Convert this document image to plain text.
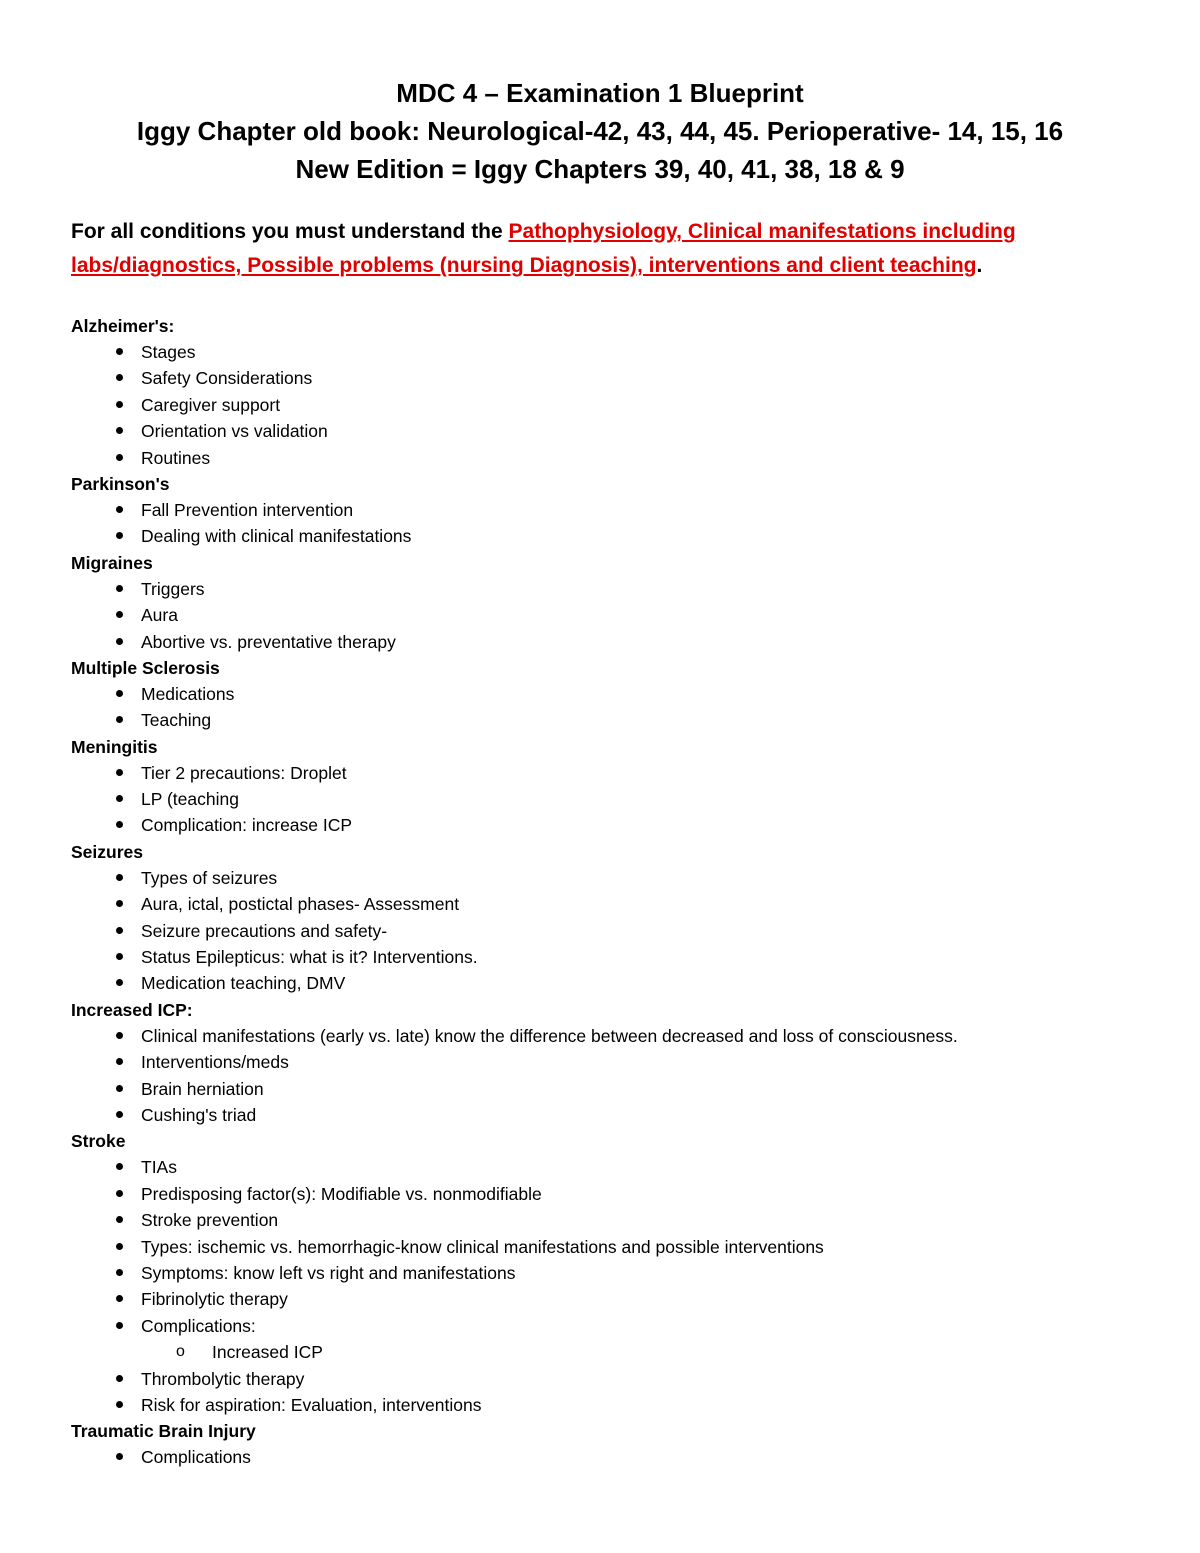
MDC 4 – Examination 1 Blueprint
Iggy Chapter old book: Neurological-42, 43, 44, 45. Perioperative- 14, 15, 16
New Edition = Iggy Chapters 39, 40, 41, 38, 18 & 9
For all conditions you must understand the Pathophysiology, Clinical manifestations including labs/diagnostics, Possible problems (nursing Diagnosis), interventions and client teaching.
Alzheimer's:
Stages
Safety Considerations
Caregiver support
Orientation vs validation
Routines
Parkinson's
Fall Prevention intervention
Dealing with clinical manifestations
Migraines
Triggers
Aura
Abortive vs. preventative therapy
Multiple Sclerosis
Medications
Teaching
Meningitis
Tier 2 precautions: Droplet
LP (teaching
Complication: increase ICP
Seizures
Types of seizures
Aura, ictal, postictal phases- Assessment
Seizure precautions and safety-
Status Epilepticus: what is it? Interventions.
Medication teaching, DMV
Increased ICP:
Clinical manifestations (early vs. late) know the difference between decreased and loss of consciousness.
Interventions/meds
Brain herniation
Cushing's triad
Stroke
TIAs
Predisposing factor(s): Modifiable vs. nonmodifiable
Stroke prevention
Types: ischemic vs. hemorrhagic-know clinical manifestations and possible interventions
Symptoms: know left vs right and manifestations
Fibrinolytic therapy
Complications:
o Increased ICP
Thrombolytic therapy
Risk for aspiration: Evaluation, interventions
Traumatic Brain Injury
Complications
